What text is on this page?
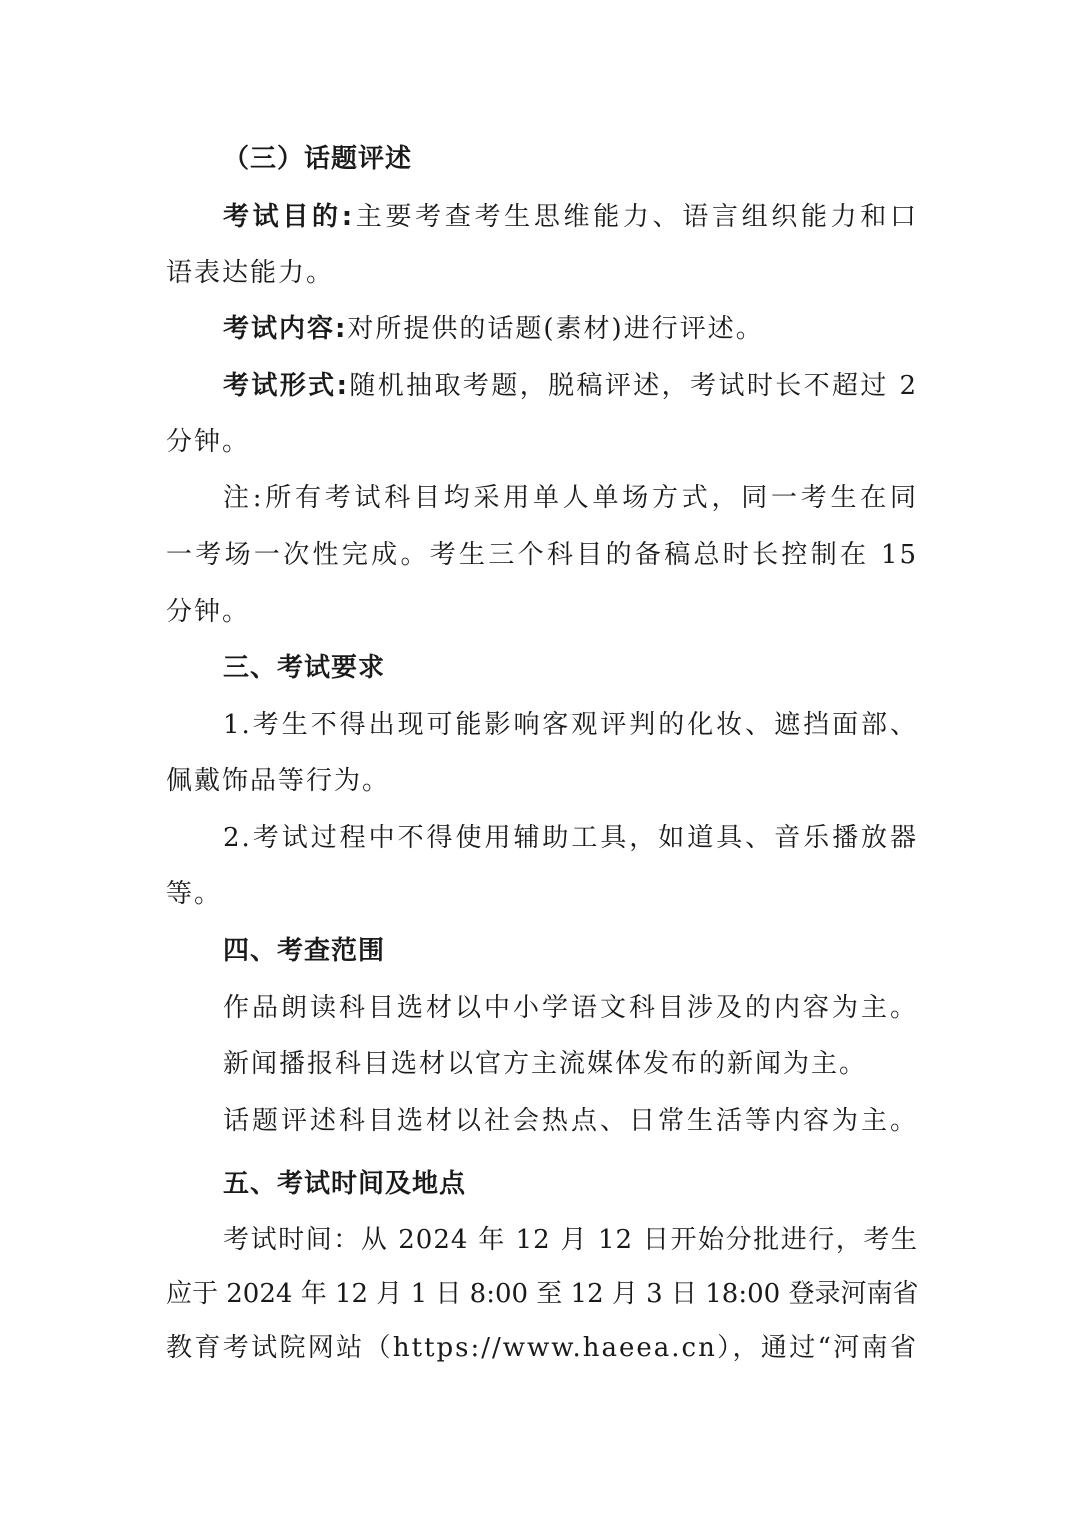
（三）话题评述
考试目的:主要考查考生思维能力、语言组织能力和口
语表达能力。
考试内容:对所提供的话题(素材)进行评述。
考试形式:随机抽取考题，脱稿评述，考试时长不超过 2
分钟。
注:所有考试科目均采用单人单场方式，同一考生在同
一考场一次性完成。考生三个科目的备稿总时长控制在 15
分钟。
三、考试要求
1.考生不得出现可能影响客观评判的化妆、遮挡面部、
佩戴饰品等行为。
2.考试过程中不得使用辅助工具，如道具、音乐播放器
等。
四、考查范围
作品朗读科目选材以中小学语文科目涉及的内容为主。
新闻播报科目选材以官方主流媒体发布的新闻为主。
话题评述科目选材以社会热点、日常生活等内容为主。
五、考试时间及地点
考试时间：从 2024 年 12 月 12 日开始分批进行，考生
应于 2024 年 12 月 1 日 8:00 至 12 月 3 日 18:00 登录河南省
教育考试院网站（https://www.haeea.cn），通过“河南省
